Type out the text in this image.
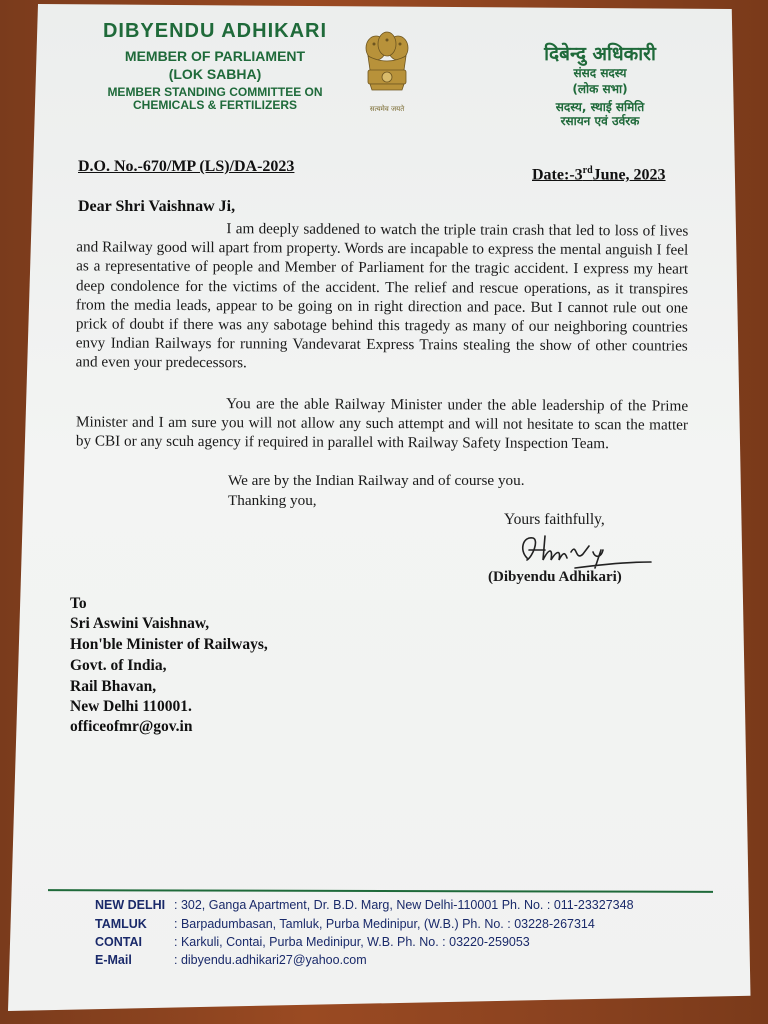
DIBYENDU ADHIKARI

MEMBER OF PARLIAMENT

(LOK SABHA)

MEMBER STANDING COMMITTEE ON

CHEMICALS & FERTILIZERS	सत्यमेव जयते

दिबेन्दु अधिकारी

संसद सदस्य

(लोक सभा)

सदस्य, स्थाई समिति

रसायन एवं उर्वरक

D.O. No.-670/MP (LS)/DA-2023	Date:-3rdJune, 2023

Dear Shri Vaishnaw Ji,

I am deeply saddened to watch the triple train crash that led to loss of lives and Railway good will apart from property. Words are incapable to express the mental anguish I feel as a representative of people and Member of Parliament for the tragic accident. I express my heart deep condolence for the victims of the accident. The relief and rescue operations, as it transpires from the media leads, appear to be going on in right direction and pace. But I cannot rule out one prick of doubt if there was any sabotage behind this tragedy as many of our neighboring countries envy Indian Railways for running Vandevarat Express Trains stealing the show of other countries and even your predecessors.

You are the able Railway Minister under the able leadership of the Prime Minister and I am sure you will not allow any such attempt and will not hesitate to scan the matter by CBI or any scuh agency if required in parallel with Railway Safety Inspection Team.

We are by the Indian Railway and of course you.

Thanking you,

Yours faithfully,

(Dibyendu Adhikari)

To

Sri Aswini Vaishnaw,

Hon'ble Minister of Railways,

Govt. of India,

Rail Bhavan,

New Delhi 110001.

officeofmr@gov.in

NEW DELHI : 302, Ganga Apartment, Dr. B.D. Marg, New Delhi-110001 Ph. No. : 011-23327348

TAMLUK : Barpadumbasan, Tamluk, Purba Medinipur, (W.B.) Ph. No. : 03228-267314

CONTAI	: Karkuli, Contai, Purba Medinipur, W.B. Ph. No. : 03220-259053

E-Mail	: dibyendu.adhikari27@yahoo.com
